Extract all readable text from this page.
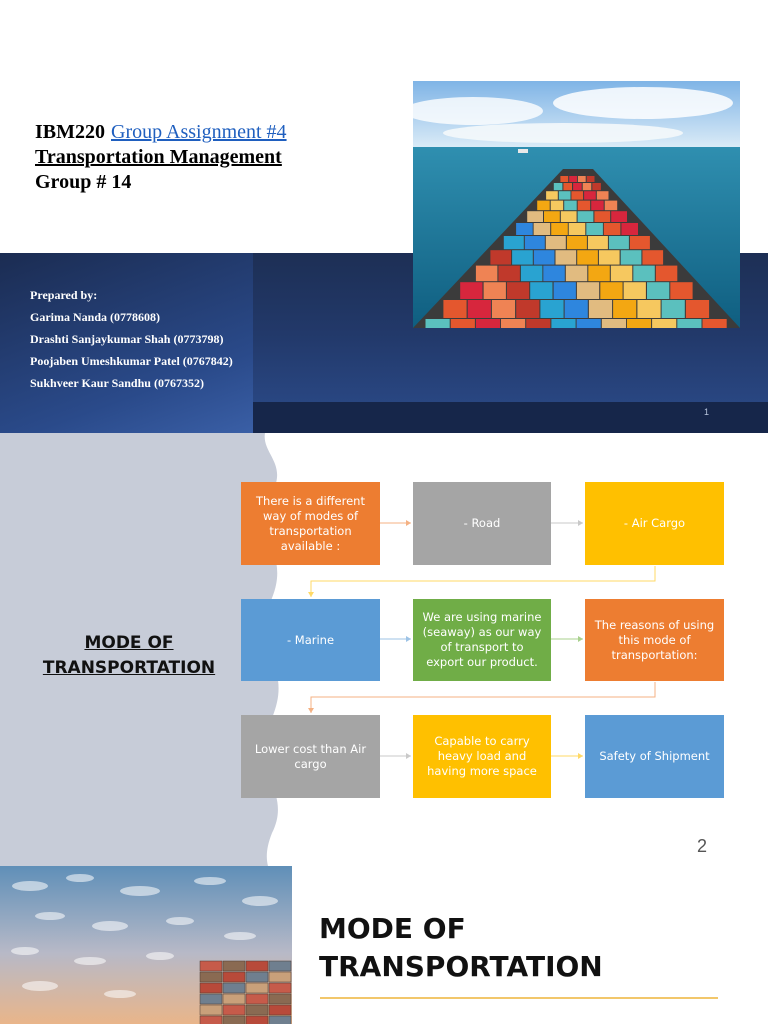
IBM220 Group Assignment #4
Transportation Management
Group # 14
Prepared by:
Garima Nanda (0778608)
Drashti Sanjaykumar Shah (0773798)
Poojaben Umeshkumar Patel (0767842)
Sukhveer Kaur Sandhu (0767352)
1
MODE OF
TRANSPORTATION
There is a different way of modes of transportation available :
- Road	- Air Cargo
- Marine
We are using marine (seaway) as our way of transport to export our product.
The reasons of using this mode of transportation:
Lower cost than Air cargo
Capable to carry heavy load and having more space
Safety of Shipment
2
MODE OF
TRANSPORTATION
